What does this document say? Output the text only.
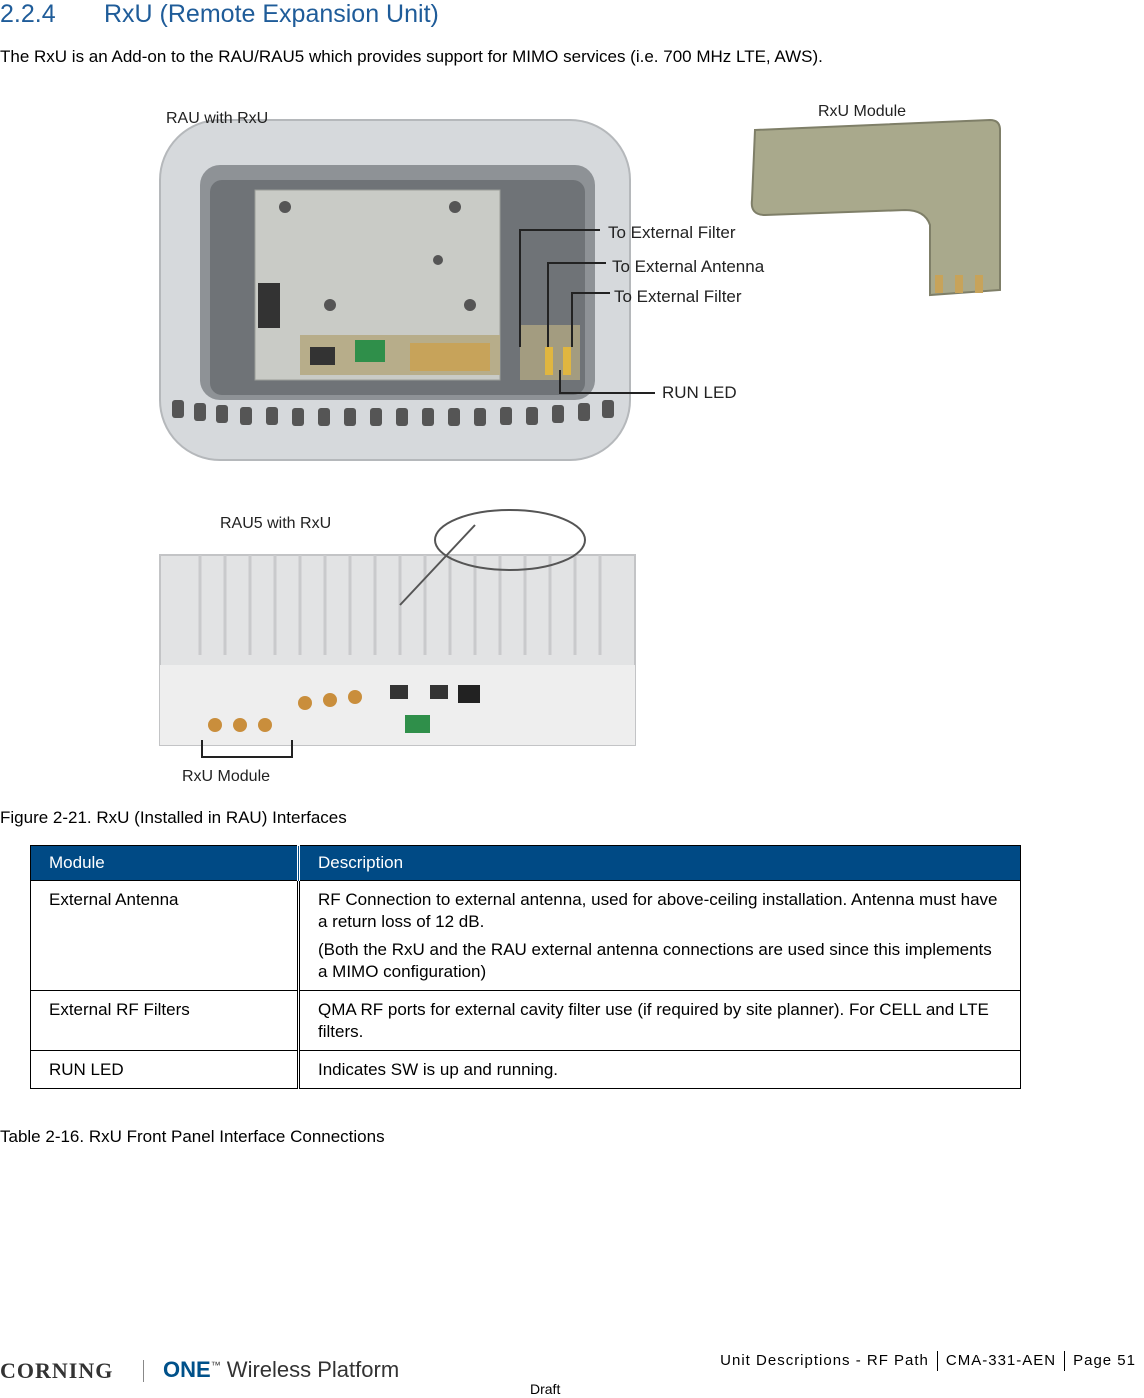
2.2.4 RxU (Remote Expansion Unit)
The RxU is an Add-on to the RAU/RAU5 which provides support for MIMO services (i.e. 700 MHz LTE, AWS).
RAU with RxU	RxU Module
To External Filter
To External Antenna
To External Filter
RUN LED
RAU5 with RxU
RxU Module
Figure 2-21. RxU (Installed in RAU) Interfaces
Module	Description
External Antenna	RF Connection to external antenna, used for above-ceiling installation. Antenna must have a return loss of 12 dB.

(Both the RxU and the RAU external antenna connections are used since this implements a MIMO configuration)

External RF Filters	QMA RF ports for external cavity filter use (if required by site planner). For CELL and LTE filters.

RUN LED	Indicates SW is up and running.

Table 2-16. RxU Front Panel Interface Connections
CORNING ONE™ Wireless Platform	Unit Descriptions - RF Path CMA-331-AEN Page 51
Draft
